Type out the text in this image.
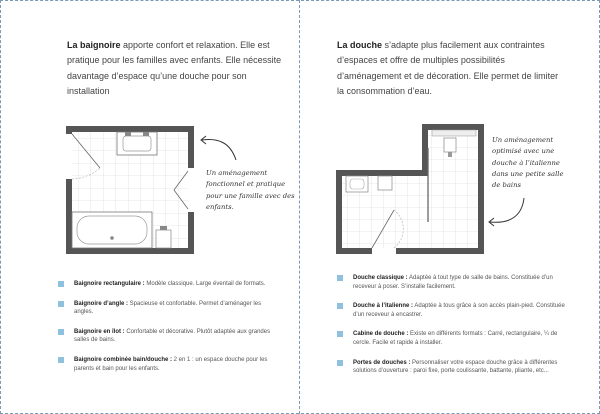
La baignoire apporte confort et relaxation. Elle est pratique pour les familles avec enfants. Elle nécessite davantage d’espace qu’une douche pour son installation

Un aménagement fonctionnel et pratique pour une famille avec des enfants.
Baignoire rectangulaire : Modèle classique. Large éventail de formats.
Baignoire d’angle : Spacieuse et confortable. Permet d’aménager les angles.
Baignoire en îlot : Confortable et décorative. Plutôt adaptée aux grandes salles de bains.
Baignoire combinée bain/douche : 2 en 1 : un espace douche pour les parents et bain pour les enfants.

La douche s’adapte plus facilement aux contraintes d’espaces et offre de multiples possibilités d’aménagement et de décoration. Elle permet de limiter la consommation d’eau.

Un aménagement optimisé avec une douche à l’italienne dans une petite salle de bains
Douche classique : Adaptée à tout type de salle de bains. Constituée d’un receveur à poser. S’installe facilement.
Douche à l’italienne : Adaptée à tous grâce à son accès plain-pied. Constituée d’un receveur à encastrer.
Cabine de douche : Existe en différents formats : Carré, rectangulaire, ¼ de cercle. Facile et rapide à installer.
Portes de douches : Personnaliser votre espace douche grâce à différentes solutions d’ouverture : paroi fixe, porte coulissante, battante, pliante, etc...
